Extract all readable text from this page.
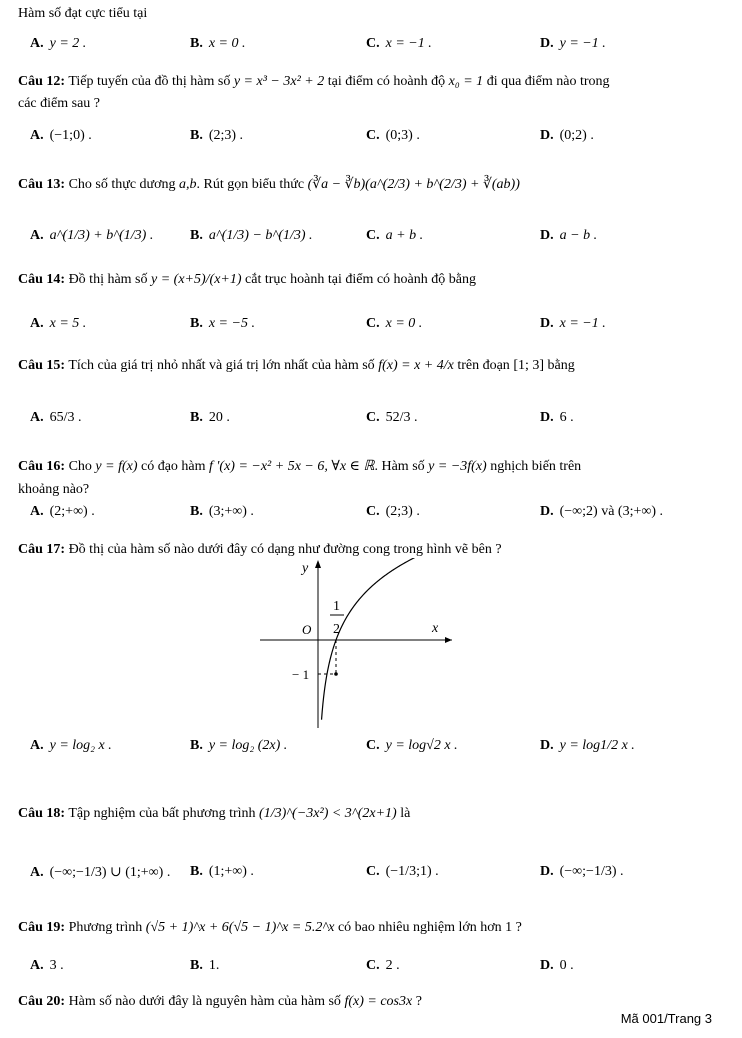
Hàm số đạt cực tiểu tại
A. y = 2 .	B. x = 0 .	C. x = −1 .	D. y = −1 .
Câu 12: Tiếp tuyến của đồ thị hàm số y = x³ − 3x² + 2 tại điểm có hoành độ x₀ = 1 đi qua điểm nào trong
các điểm sau ?
A. (−1;0) .	B. (2;3) .	C. (0;3) .	D. (0;2) .
Câu 13: Cho số thực dương a,b. Rút gọn biểu thức (∛a − ∛b)(a^(2/3) + b^(2/3) + ∛(ab))
A. a^(1/3) + b^(1/3) .	B. a^(1/3) − b^(1/3) .	C. a + b .	D. a − b .
Câu 14: Đồ thị hàm số y = (x+5)/(x+1) cắt trục hoành tại điểm có hoành độ bằng
A. x = 5 .	B. x = −5 .	C. x = 0 .	D. x = −1 .
Câu 15: Tích của giá trị nhỏ nhất và giá trị lớn nhất của hàm số f(x) = x + 4/x trên đoạn [1; 3] bằng
A. 65/3 .	B. 20 .	C. 52/3 .	D. 6 .
Câu 16: Cho y = f(x) có đạo hàm f '(x) = −x² + 5x − 6, ∀x ∈ ℝ. Hàm số y = −3f(x) nghịch biến trên
khoảng nào?
A. (2;+∞) .	B. (3;+∞) .	C. (2;3) .	D. (−∞;2) và (3;+∞) .
Câu 17: Đồ thị của hàm số nào dưới đây có dạng như đường cong trong hình vẽ bên ?
y
x
O
1
2
− 1
A. y = log₂ x .	B. y = log₂ (2x) .	C. y = log√2 x .	D. y = log1/2 x .
Câu 18: Tập nghiệm của bất phương trình (1/3)^(−3x²) < 3^(2x+1) là
A. (−∞;−1/3) ∪ (1;+∞) . B. (1;+∞) .	C. (−1/3;1) .	D. (−∞;−1/3) .
Câu 19: Phương trình (√5 + 1)^x + 6(√5 − 1)^x = 5.2^x có bao nhiêu nghiệm lớn hơn 1 ?
A. 3 .	B. 1.	C. 2 .	D. 0 .
Câu 20: Hàm số nào dưới đây là nguyên hàm của hàm số f(x) = cos3x ?
Mã 001/Trang 3
